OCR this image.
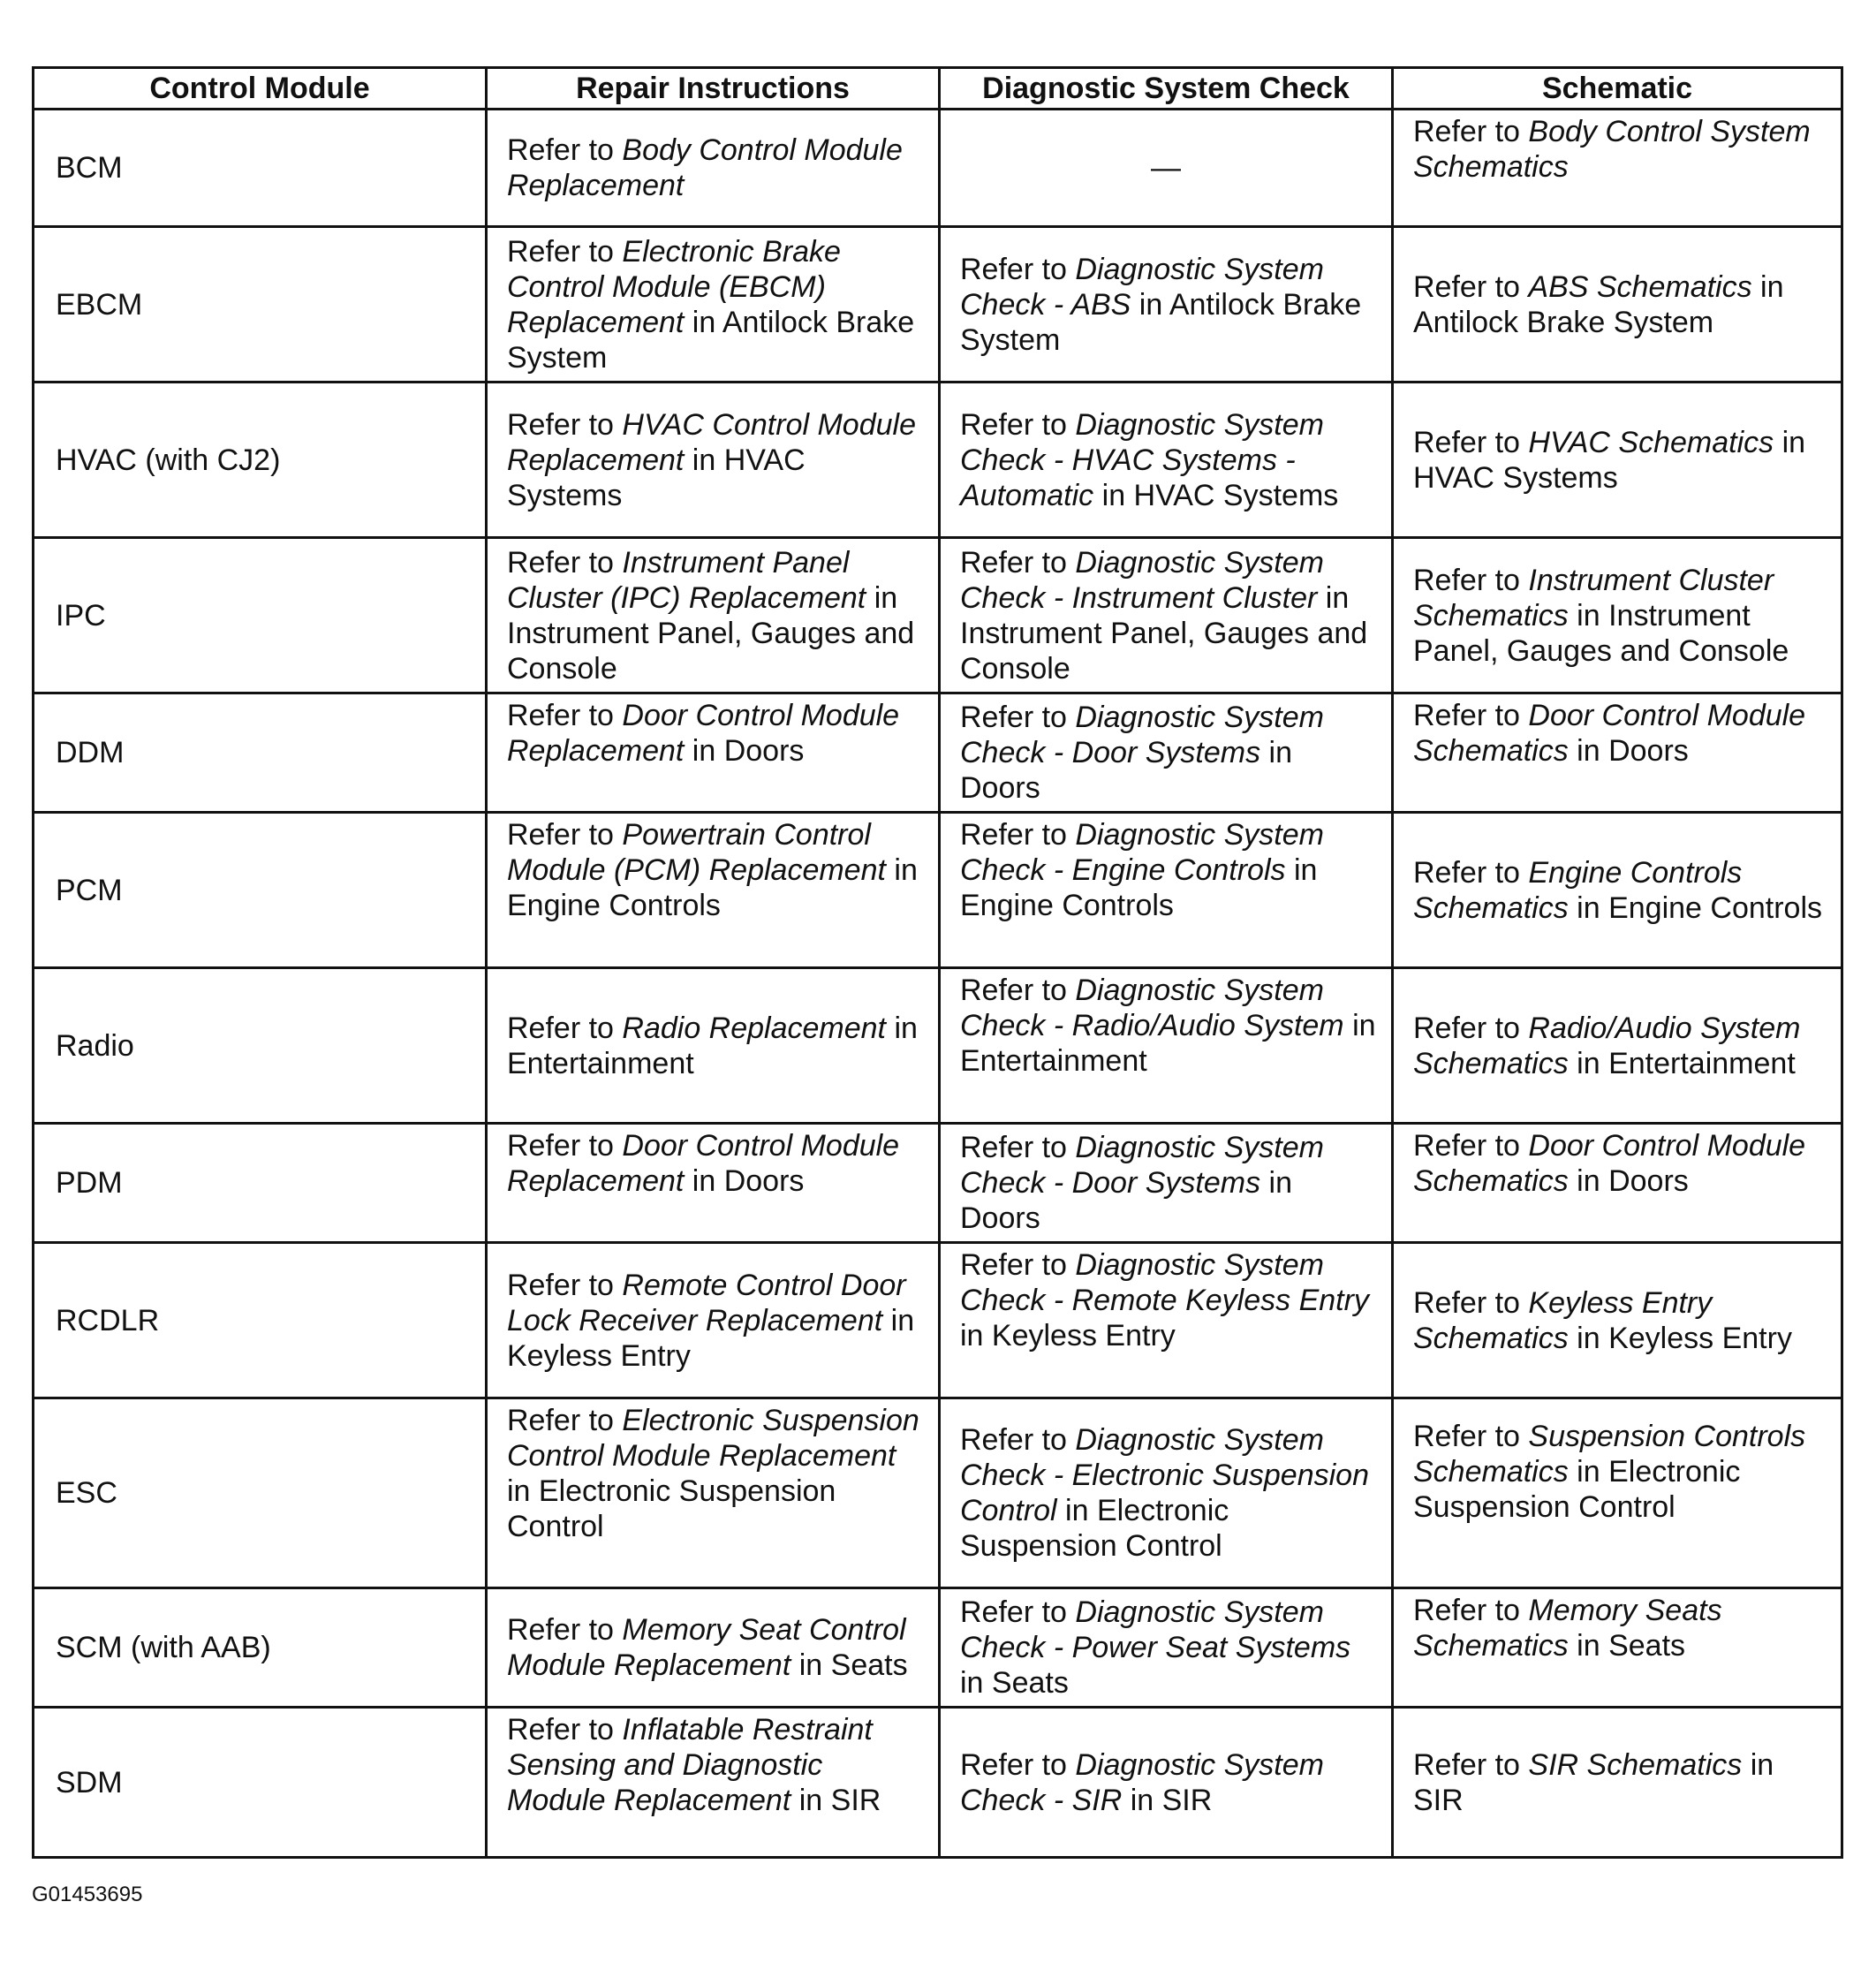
Control Module	Repair Instructions	Diagnostic System Check	Schematic
BCM	Refer to Body Control Module Replacement	—	Refer to Body Control System Schematics
EBCM	Refer to Electronic Brake Control Module (EBCM) Replacement in Antilock Brake System	Refer to Diagnostic System Check - ABS in Antilock Brake System	Refer to ABS Schematics in Antilock Brake System
HVAC (with CJ2)	Refer to HVAC Control Module Replacement in HVAC Systems	Refer to Diagnostic System Check - HVAC Systems - Automatic in HVAC Systems	Refer to HVAC Schematics in HVAC Systems
IPC	Refer to Instrument Panel Cluster (IPC) Replacement in Instrument Panel, Gauges and Console	Refer to Diagnostic System Check - Instrument Cluster in Instrument Panel, Gauges and Console	Refer to Instrument Cluster Schematics in Instrument Panel, Gauges and Console
DDM	Refer to Door Control Module Replacement in Doors	Refer to Diagnostic System Check - Door Systems in Doors	Refer to Door Control Module Schematics in Doors
PCM	Refer to Powertrain Control Module (PCM) Replacement in Engine Controls	Refer to Diagnostic System Check - Engine Controls in Engine Controls	Refer to Engine Controls Schematics in Engine Controls
Radio	Refer to Radio Replacement in Entertainment	Refer to Diagnostic System Check - Radio/Audio System in Entertainment	Refer to Radio/Audio System Schematics in Entertainment
PDM	Refer to Door Control Module Replacement in Doors	Refer to Diagnostic System Check - Door Systems in Doors	Refer to Door Control Module Schematics in Doors
RCDLR	Refer to Remote Control Door Lock Receiver Replacement in Keyless Entry	Refer to Diagnostic System Check - Remote Keyless Entry in Keyless Entry	Refer to Keyless Entry Schematics in Keyless Entry
ESC	Refer to Electronic Suspension Control Module Replacement in Electronic Suspension Control	Refer to Diagnostic System Check - Electronic Suspension Control in Electronic Suspension Control	Refer to Suspension Controls Schematics in Electronic Suspension Control
SCM (with AAB)	Refer to Memory Seat Control Module Replacement in Seats	Refer to Diagnostic System Check - Power Seat Systems in Seats	Refer to Memory Seats Schematics in Seats
SDM	Refer to Inflatable Restraint Sensing and Diagnostic Module Replacement in SIR	Refer to Diagnostic System Check - SIR in SIR	Refer to SIR Schematics in SIR
G01453695
